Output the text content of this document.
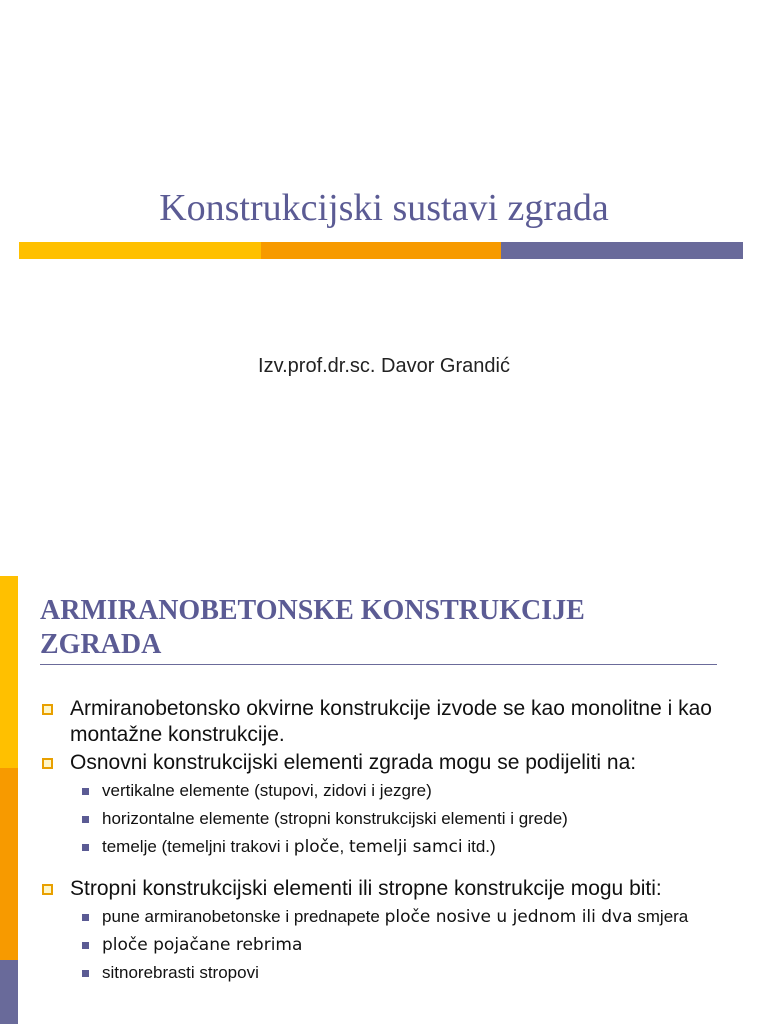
Konstrukcijski sustavi zgrada
Izv.prof.dr.sc. Davor Grandić
ARMIRANOBETONSKE KONSTRUKCIJE
ZGRADA
Armiranobetonsko okvirne konstrukcije izvode se kao monolitne i kao montažne konstrukcije.
Osnovni konstrukcijski elementi zgrada mogu se podijeliti na:
vertikalne elemente (stupovi, zidovi i jezgre)
horizontalne elemente (stropni konstrukcijski elementi i grede)
temelje (temeljni trakovi i ploče, temelji samci itd.)
Stropni konstrukcijski elementi ili stropne konstrukcije mogu biti:
pune armiranobetonske i prednapete ploče nosive u jednom ili dva smjera
ploče pojačane rebrima
sitnorebrasti stropovi
